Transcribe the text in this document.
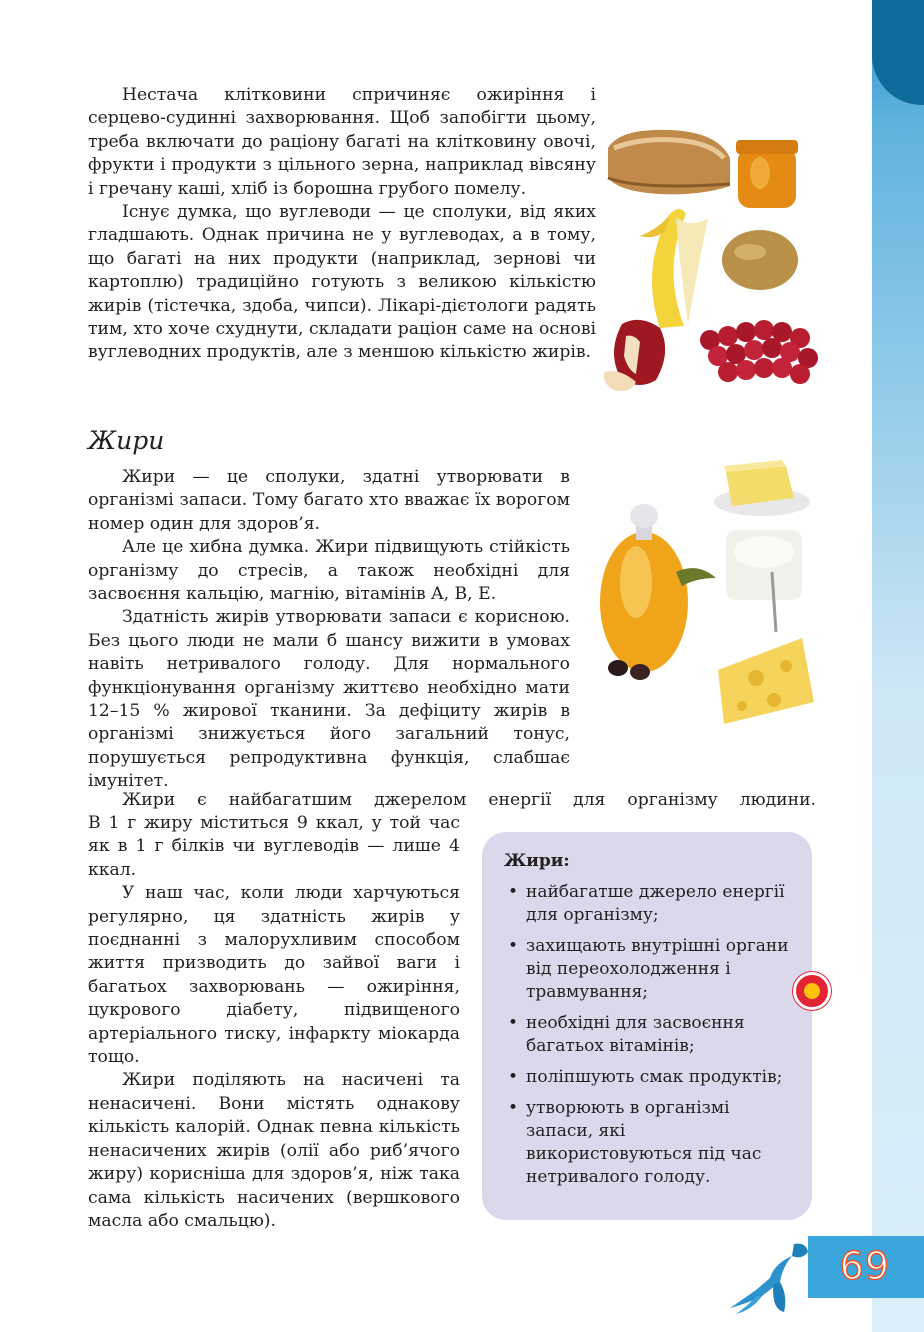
Нестача клітковини спричиняє ожиріння і серцево-судинні захворювання. Щоб запобігти цьому, треба включати до раціону багаті на клітковину овочі, фрукти і продукти з цільного зерна, наприклад вівсяну і гречану каші, хліб із борошна грубого помелу.

Існує думка, що вуглеводи — це сполуки, від яких гладшають. Однак причина не у вуглеводах, а в тому, що багаті на них продукти (наприклад, зернові чи картоплю) традиційно готують з великою кількістю жирів (тістечка, здоба, чипси). Лікарі-дієтологи радять тим, хто хоче схуднути, складати раціон саме на основі вуглеводних продуктів, але з меншою кількістю жирів.

Жири

Жири — це сполуки, здатні утворювати в організмі запаси. Тому багато хто вважає їх ворогом номер один для здоров’я.

Але це хибна думка. Жири підвищують стійкість організму до стресів, а також необхідні для засвоєння кальцію, магнію, вітамінів A, B, E.

Здатність жирів утворювати запаси є корисною. Без цього люди не мали б шансу вижити в умовах навіть нетривалого голоду. Для нормального функціонування організму життєво необхідно мати 12–15 % жирової тканини. За дефіциту жирів в організмі знижується його загальний тонус, порушується репродуктивна функція, слабшає імунітет.

Жири є найбагатшим джерелом енергії для організму людини.

В 1 г жиру міститься 9 ккал, у той час як в 1 г білків чи вуглеводів — лише 4 ккал.

У наш час, коли люди харчуються регулярно, ця здатність жирів у поєднанні з малорухливим способом життя призводить до зайвої ваги і багатьох захворювань — ожиріння, цукрового діабету, підвищеного артеріального тиску, інфаркту міокарда тощо.

Жири поділяють на насичені та ненасичені. Вони містять однакову кількість калорій. Однак певна кількість ненасичених жирів (олії або риб’ячого жиру) корисніша для здоров’я, ніж така сама кількість насичених (вершкового масла або смальцю).

Жири:
• найбагатше джерело енергії для організму;
• захищають внутрішні органи від переохолодження і травмування;
• необхідні для засвоєння багатьох вітамінів;
• поліпшують смак продуктів;
• утворюють в організмі запаси, які використовуються під час нетривалого голоду.
69
